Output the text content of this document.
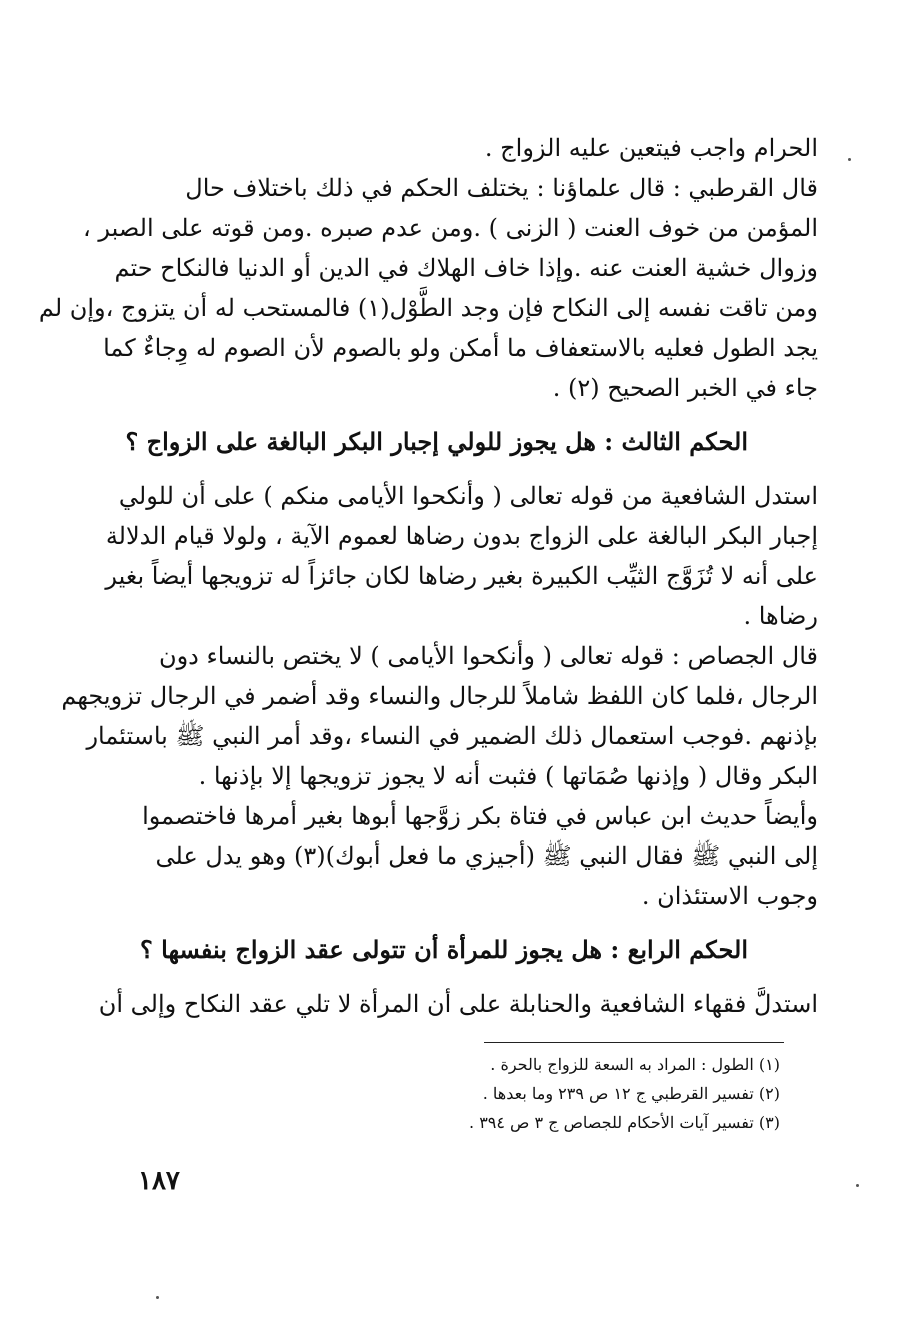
الحرام واجب فيتعين عليه الزواج .
قال القرطبي : قال علماؤنا : يختلف الحكم في ذلك باختلاف حال
المؤمن من خوف العنت ( الزنى ) .ومن عدم صبره .ومن قوته على الصبر ،
وزوال خشية العنت عنه .وإذا خاف الهلاك في الدين أو الدنيا فالنكاح حتم
ومن تاقت نفسه إلى النكاح فإن وجد الطَّوْل(١) فالمستحب له أن يتزوج ،وإن لم
يجد الطول فعليه بالاستعفاف ما أمكن ولو بالصوم لأن الصوم له وِجاءٌ كما
جاء في الخبر الصحيح (٢) .
الحكم الثالث : هل يجوز للولي إجبار البكر البالغة على الزواج ؟
استدل الشافعية من قوله تعالى ( وأنكحوا الأيامى منكم ) على أن للولي
إجبار البكر البالغة على الزواج بدون رضاها لعموم الآية ، ولولا قيام الدلالة
على أنه لا تُزَوَّج الثيِّب الكبيرة بغير رضاها لكان جائزاً له تزويجها أيضاً بغير
رضاها .
قال الجصاص : قوله تعالى ( وأنكحوا الأيامى ) لا يختص بالنساء دون
الرجال ،فلما كان اللفظ شاملاً للرجال والنساء وقد أضمر في الرجال تزويجهم
بإذنهم .فوجب استعمال ذلك الضمير في النساء ،وقد أمر النبي ﷺ باستئمار
البكر وقال ( وإذنها صُمَاتها ) فثبت أنه لا يجوز تزويجها إلا بإذنها .
وأيضاً حديث ابن عباس في فتاة بكر زوَّجها أبوها بغير أمرها فاختصموا
إلى النبي ﷺ فقال النبي ﷺ (أجيزي ما فعل أبوك)(٣) وهو يدل على
وجوب الاستئذان .
الحكم الرابع : هل يجوز للمرأة أن تتولى عقد الزواج بنفسها ؟
استدلَّ فقهاء الشافعية والحنابلة على أن المرأة لا تلي عقد النكاح وإلى أن
(١) الطول : المراد به السعة للزواج بالحرة .
(٢) تفسير القرطبي ج ١٢ ص ٢٣٩ وما بعدها .
(٣) تفسير آيات الأحكام للجصاص ج ٣ ص ٣٩٤ .
١٨٧
